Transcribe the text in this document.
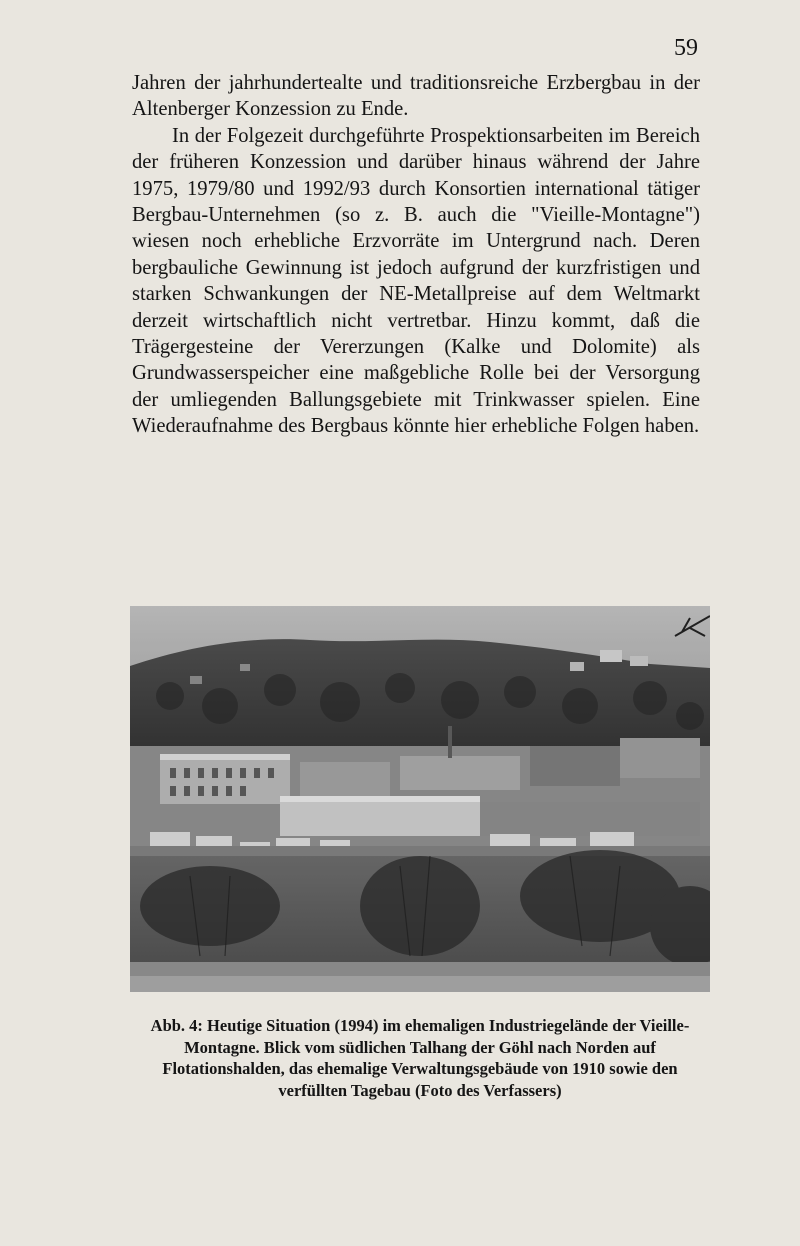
59

Jahren der jahrhundertealte und traditionsreiche Erzbergbau in der Altenberger Konzession zu Ende.

In der Folgezeit durchgeführte Prospektionsarbeiten im Bereich der früheren Konzession und darüber hinaus während der Jahre 1975, 1979/80 und 1992/93 durch Konsortien international tätiger Bergbau-Unternehmen (so z. B. auch die "Vieille-Montagne") wiesen noch erhebliche Erzvorräte im Untergrund nach. Deren bergbauliche Gewinnung ist jedoch aufgrund der kurzfristigen und starken Schwankungen der NE-Metallpreise auf dem Weltmarkt derzeit wirtschaftlich nicht vertretbar. Hinzu kommt, daß die Trägergesteine der Vererzungen (Kalke und Dolomite) als Grundwasserspeicher eine maßgebliche Rolle bei der Versorgung der umliegenden Ballungsgebiete mit Trinkwasser spielen. Eine Wiederaufnahme des Bergbaus könnte hier erhebliche Folgen haben.

Abb. 4: Heutige Situation (1994) im ehemaligen Industriegelände der Vieille-Montagne. Blick vom südlichen Talhang der Göhl nach Norden auf Flotationshalden, das ehemalige Verwaltungsgebäude von 1910 sowie den verfüllten Tagebau (Foto des Verfassers)
